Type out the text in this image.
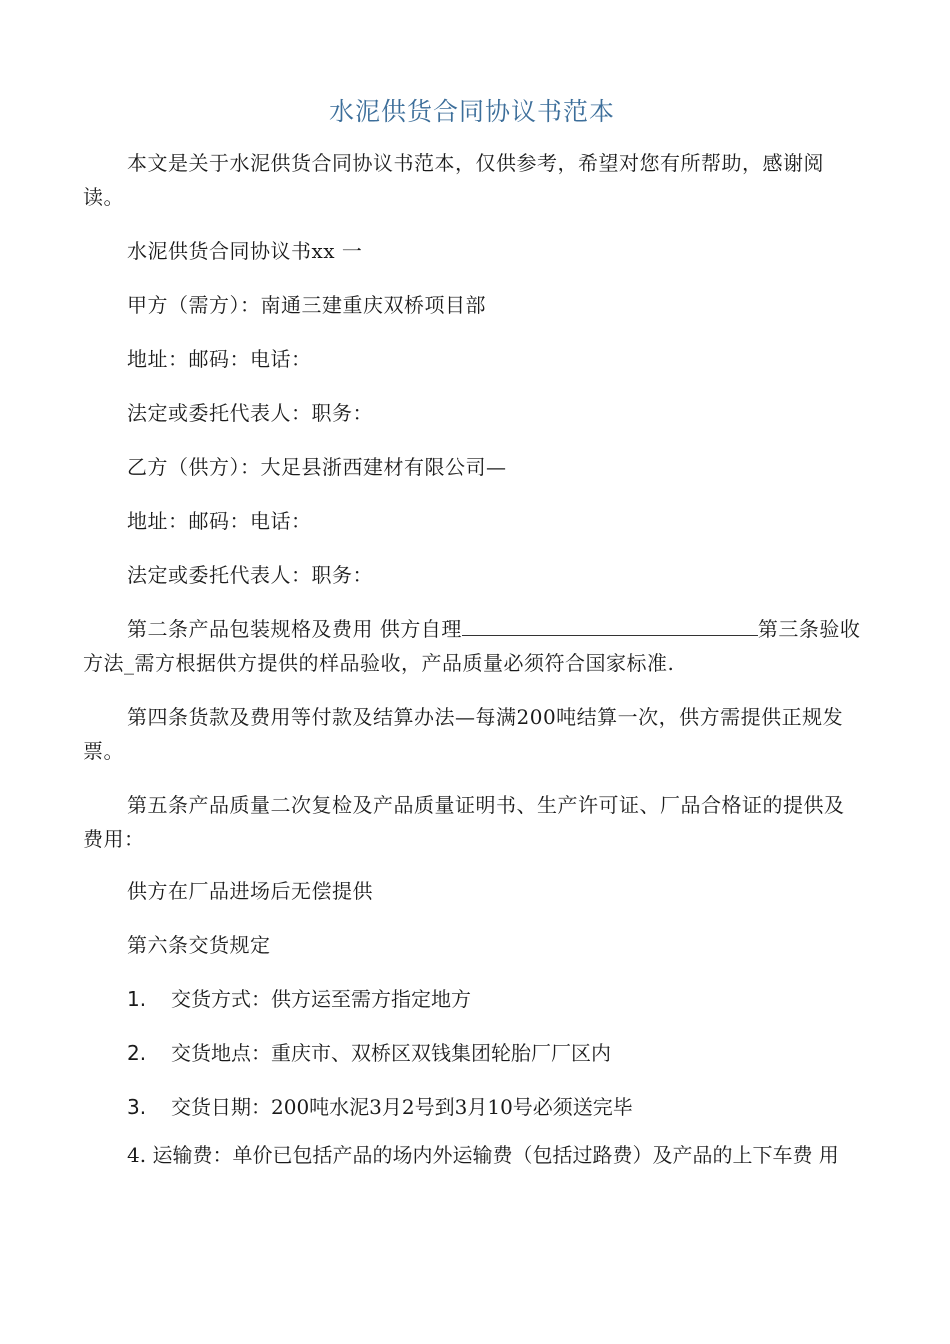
水泥供货合同协议书范本

本文是关于水泥供货合同协议书范本，仅供参考，希望对您有所帮助，感谢阅读。

水泥供货合同协议书xx 一

甲方（需方）：南通三建重庆双桥项目部

地址：邮码：电话：

法定或委托代表人：职务：

乙方（供方）：大足县浙西建材有限公司—

地址：邮码：电话：

法定或委托代表人：职务：

第二条产品包装规格及费用 供方自理	第三条验收方法_需方根据供方提供的样品验收，产品质量必须符合国家标准.

第四条货款及费用等付款及结算办法—每满200吨结算一次，供方需提供正规发票。

第五条产品质量二次复检及产品质量证明书、生产许可证、厂品合格证的提供及费用：

供方在厂品进场后无偿提供

第六条交货规定

1. 交货方式：供方运至需方指定地方

2. 交货地点：重庆市、双桥区双钱集团轮胎厂厂区内

3. 交货日期：200吨水泥3月2号到3月10号必须送完毕

4. 运输费：单价已包括产品的场内外运输费（包括过路费）及产品的上下车费 用
